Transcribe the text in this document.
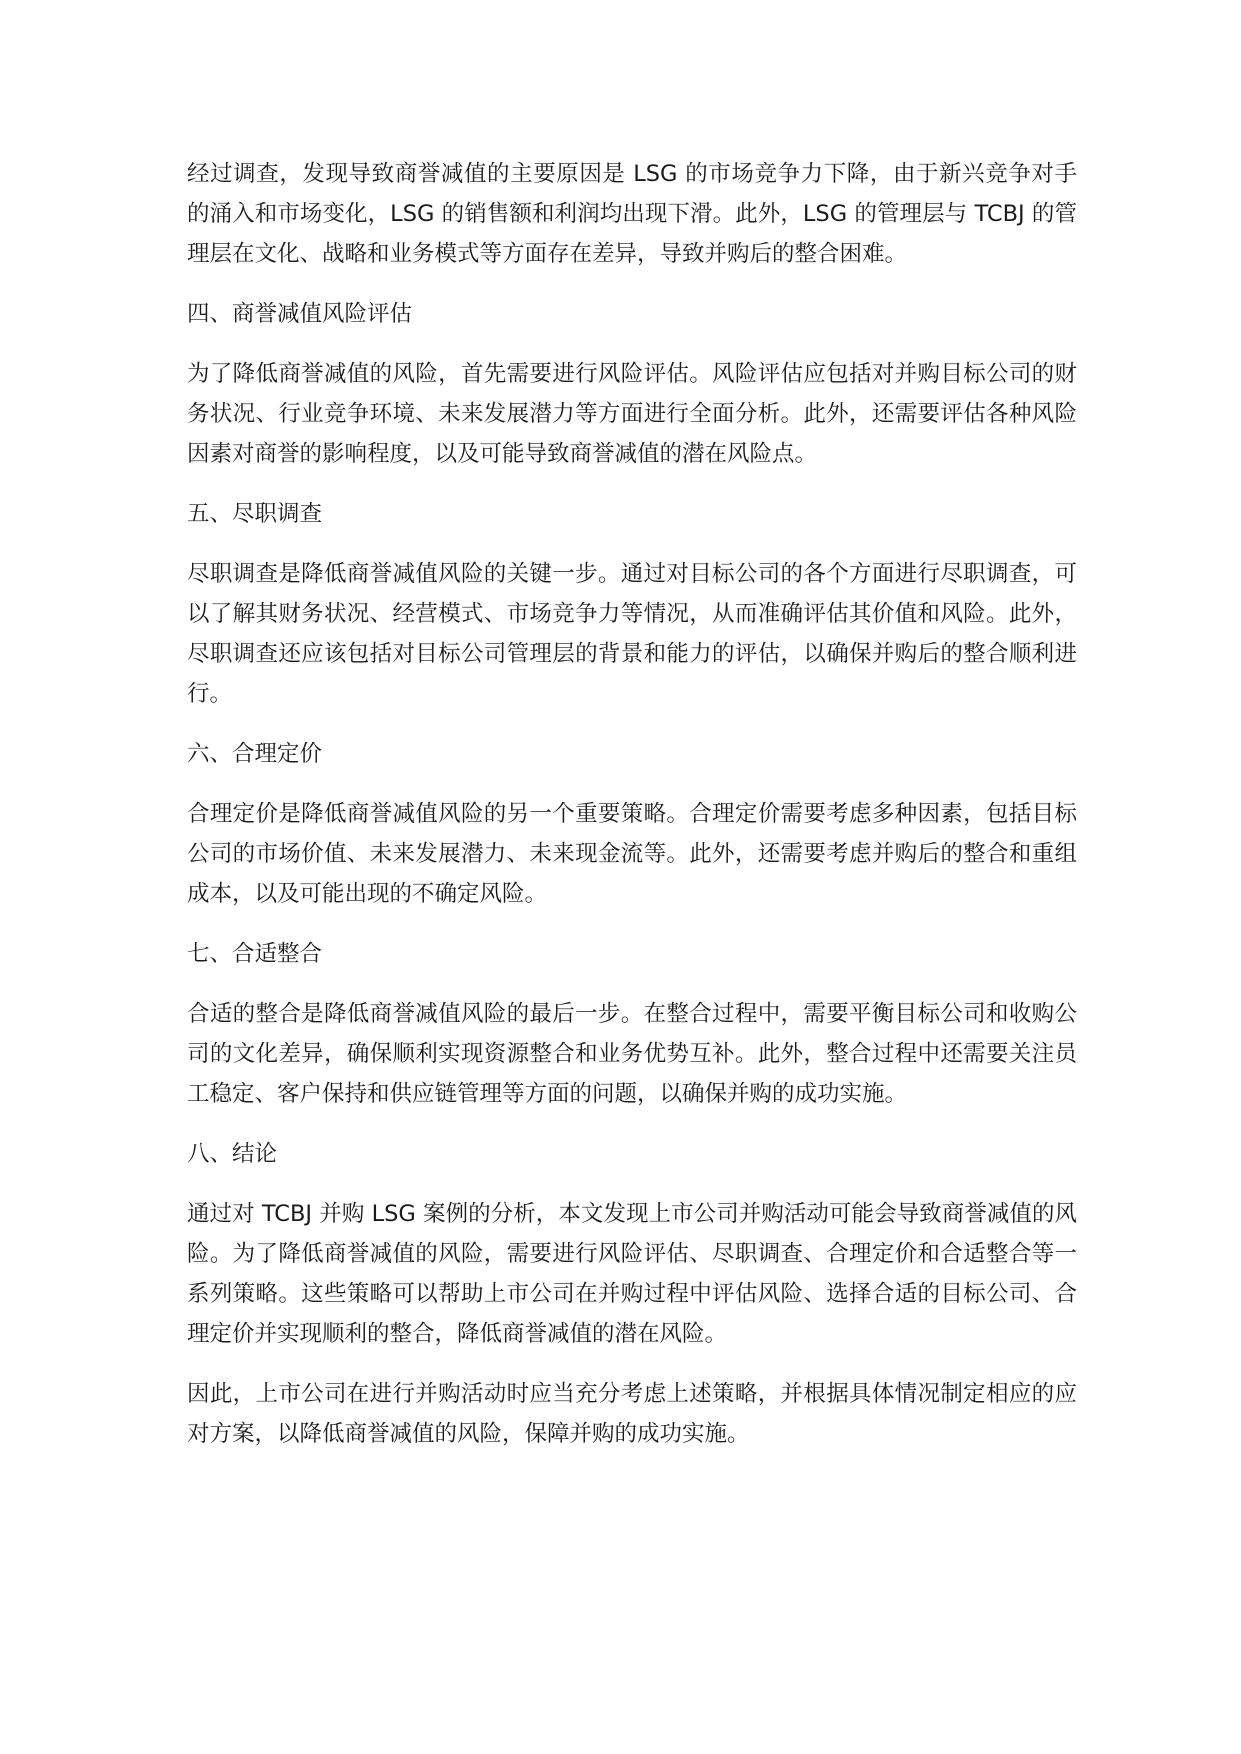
经过调查，发现导致商誉减值的主要原因是 LSG 的市场竞争力下降，由于新兴竞争对手的涌入和市场变化，LSG 的销售额和利润均出现下滑。此外，LSG 的管理层与 TCBJ 的管理层在文化、战略和业务模式等方面存在差异，导致并购后的整合困难。

四、商誉减值风险评估

为了降低商誉减值的风险，首先需要进行风险评估。风险评估应包括对并购目标公司的财务状况、行业竞争环境、未来发展潜力等方面进行全面分析。此外，还需要评估各种风险因素对商誉的影响程度，以及可能导致商誉减值的潜在风险点。

五、尽职调查

尽职调查是降低商誉减值风险的关键一步。通过对目标公司的各个方面进行尽职调查，可以了解其财务状况、经营模式、市场竞争力等情况，从而准确评估其价值和风险。此外，尽职调查还应该包括对目标公司管理层的背景和能力的评估，以确保并购后的整合顺利进行。

六、合理定价

合理定价是降低商誉减值风险的另一个重要策略。合理定价需要考虑多种因素，包括目标公司的市场价值、未来发展潜力、未来现金流等。此外，还需要考虑并购后的整合和重组成本，以及可能出现的不确定风险。

七、合适整合

合适的整合是降低商誉减值风险的最后一步。在整合过程中，需要平衡目标公司和收购公司的文化差异，确保顺利实现资源整合和业务优势互补。此外，整合过程中还需要关注员工稳定、客户保持和供应链管理等方面的问题，以确保并购的成功实施。

八、结论

通过对 TCBJ 并购 LSG 案例的分析，本文发现上市公司并购活动可能会导致商誉减值的风险。为了降低商誉减值的风险，需要进行风险评估、尽职调查、合理定价和合适整合等一系列策略。这些策略可以帮助上市公司在并购过程中评估风险、选择合适的目标公司、合理定价并实现顺利的整合，降低商誉减值的潜在风险。

因此，上市公司在进行并购活动时应当充分考虑上述策略，并根据具体情况制定相应的应对方案，以降低商誉减值的风险，保障并购的成功实施。
